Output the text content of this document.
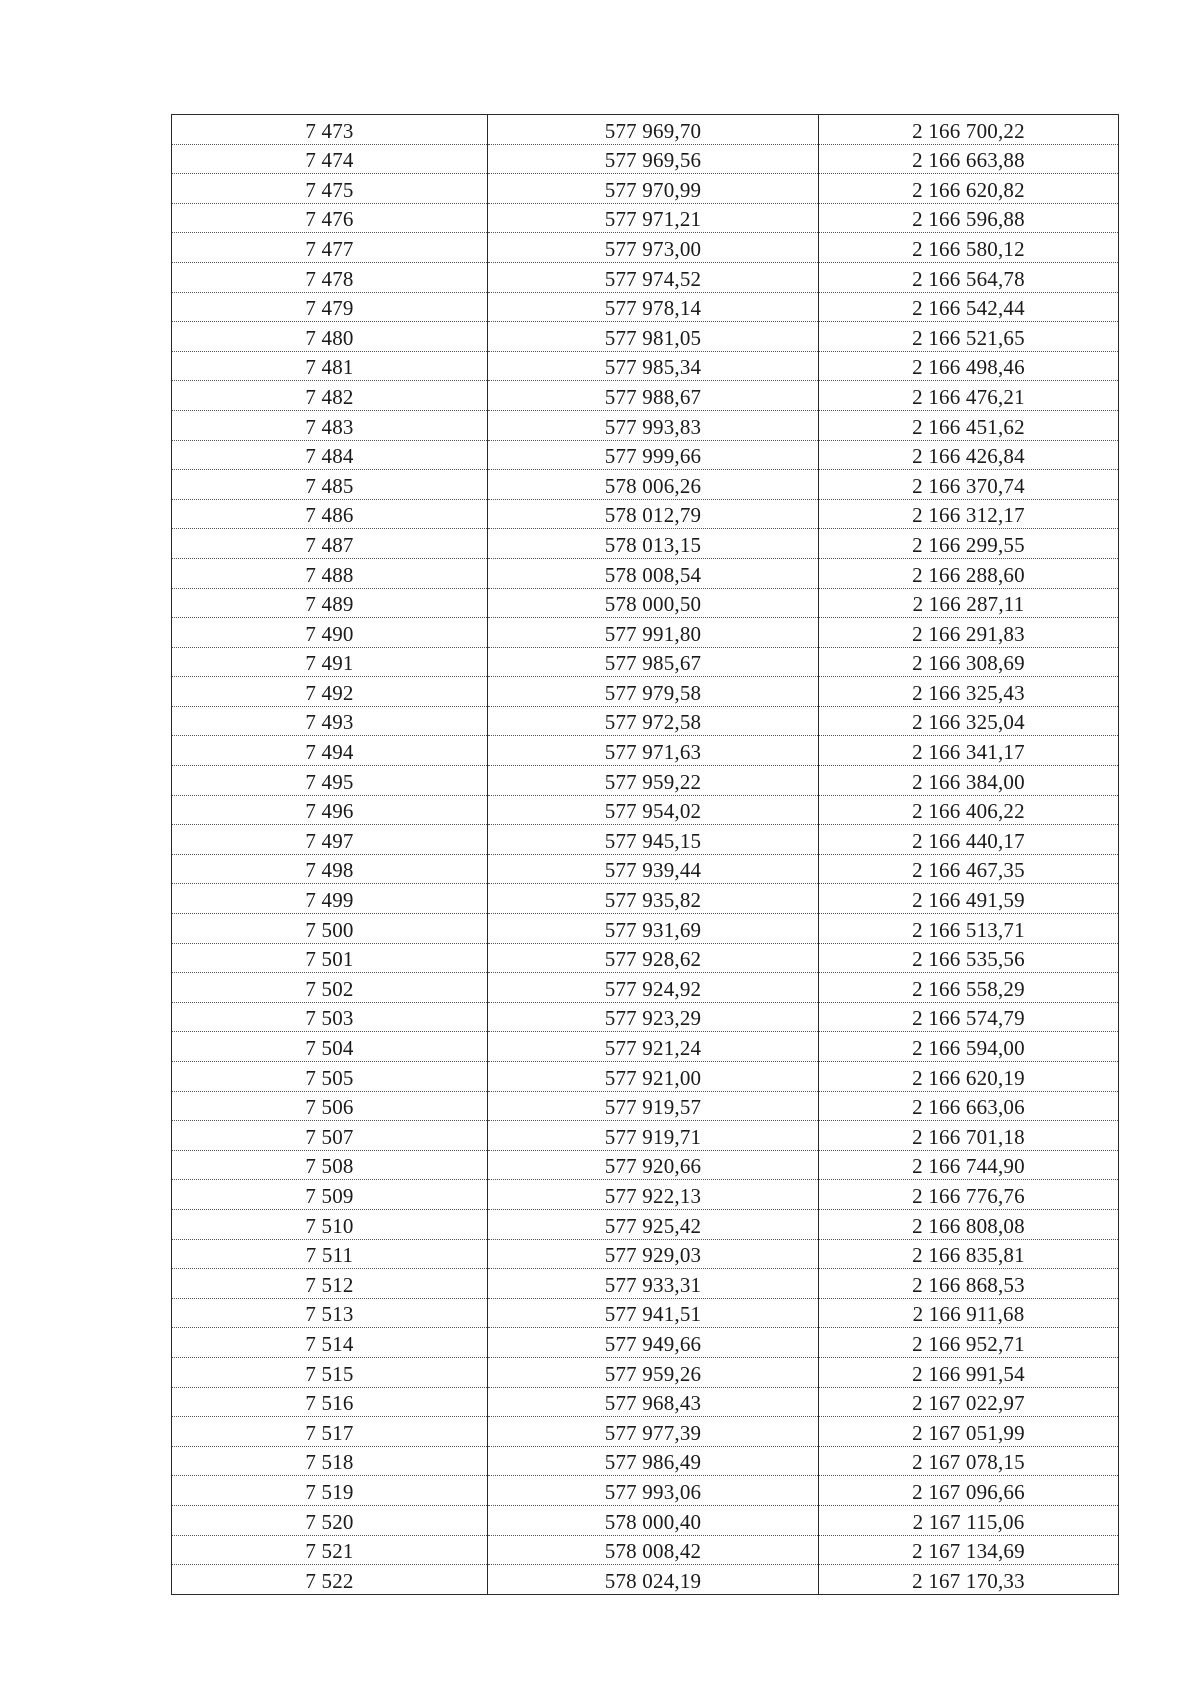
7 473	577 969,70	2 166 700,22
7 474	577 969,56	2 166 663,88
7 475	577 970,99	2 166 620,82
7 476	577 971,21	2 166 596,88
7 477	577 973,00	2 166 580,12
7 478	577 974,52	2 166 564,78
7 479	577 978,14	2 166 542,44
7 480	577 981,05	2 166 521,65
7 481	577 985,34	2 166 498,46
7 482	577 988,67	2 166 476,21
7 483	577 993,83	2 166 451,62
7 484	577 999,66	2 166 426,84
7 485	578 006,26	2 166 370,74
7 486	578 012,79	2 166 312,17
7 487	578 013,15	2 166 299,55
7 488	578 008,54	2 166 288,60
7 489	578 000,50	2 166 287,11
7 490	577 991,80	2 166 291,83
7 491	577 985,67	2 166 308,69
7 492	577 979,58	2 166 325,43
7 493	577 972,58	2 166 325,04
7 494	577 971,63	2 166 341,17
7 495	577 959,22	2 166 384,00
7 496	577 954,02	2 166 406,22
7 497	577 945,15	2 166 440,17
7 498	577 939,44	2 166 467,35
7 499	577 935,82	2 166 491,59
7 500	577 931,69	2 166 513,71
7 501	577 928,62	2 166 535,56
7 502	577 924,92	2 166 558,29
7 503	577 923,29	2 166 574,79
7 504	577 921,24	2 166 594,00
7 505	577 921,00	2 166 620,19
7 506	577 919,57	2 166 663,06
7 507	577 919,71	2 166 701,18
7 508	577 920,66	2 166 744,90
7 509	577 922,13	2 166 776,76
7 510	577 925,42	2 166 808,08
7 511	577 929,03	2 166 835,81
7 512	577 933,31	2 166 868,53
7 513	577 941,51	2 166 911,68
7 514	577 949,66	2 166 952,71
7 515	577 959,26	2 166 991,54
7 516	577 968,43	2 167 022,97
7 517	577 977,39	2 167 051,99
7 518	577 986,49	2 167 078,15
7 519	577 993,06	2 167 096,66
7 520	578 000,40	2 167 115,06
7 521	578 008,42	2 167 134,69
7 522	578 024,19	2 167 170,33
